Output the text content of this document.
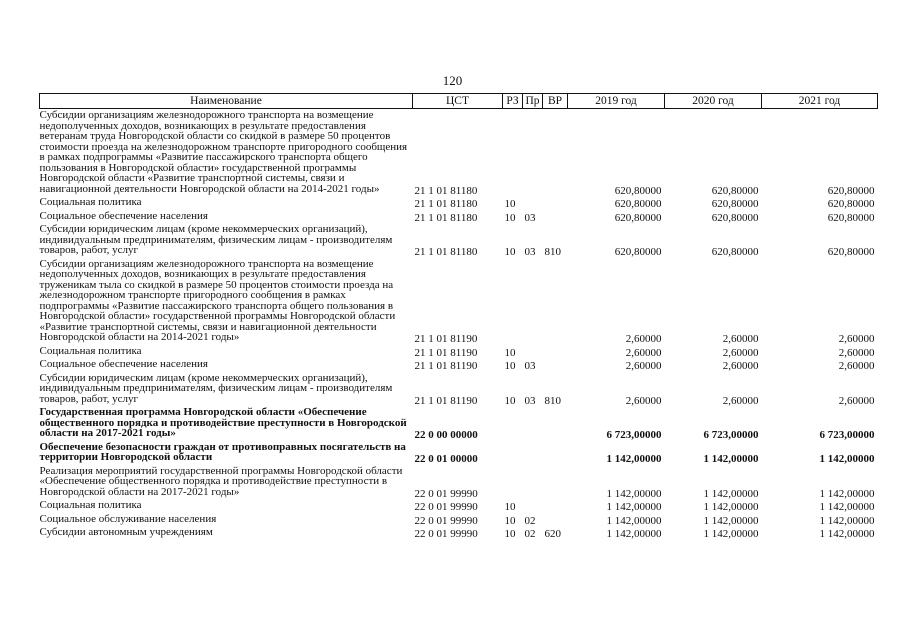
120
Наименование	ЦСТ	РЗ	Пр	ВР	2019 год	2020 год	2021 год
Субсидии организациям железнодорожного транспорта на возмещение недополученных доходов, возникающих в результате предоставления ветеранам труда Новгородской области со скидкой в размере 50 процентов стоимости проезда на железнодорожном транспорте пригородного сообщения в рамках подпрограммы «Развитие пассажирского транспорта общего пользования в Новгородской области» государственной программы Новгородской области «Развитие транспортной системы, связи и навигационной деятельности Новгородской области на 2014-2021 годы»	21 1 01 81180				620,80000	620,80000	620,80000
Социальная политика	21 1 01 81180	10			620,80000	620,80000	620,80000
Социальное обеспечение населения	21 1 01 81180	10	03		620,80000	620,80000	620,80000
Субсидии юридическим лицам (кроме некоммерческих организаций), индивидуальным предпринимателям, физическим лицам - производителям товаров, работ, услуг	21 1 01 81180	10	03	810	620,80000	620,80000	620,80000
Субсидии организациям железнодорожного транспорта на возмещение недополученных доходов, возникающих в результате предоставления труженикам тыла со скидкой в размере 50 процентов стоимости проезда на железнодорожном транспорте пригородного сообщения в рамках подпрограммы «Развитие пассажирского транспорта общего пользования в Новгородской области» государственной программы Новгородской области «Развитие транспортной системы, связи и навигационной деятельности Новгородской области на 2014-2021 годы»	21 1 01 81190				2,60000	2,60000	2,60000
Социальная политика	21 1 01 81190	10			2,60000	2,60000	2,60000
Социальное обеспечение населения	21 1 01 81190	10	03		2,60000	2,60000	2,60000
Субсидии юридическим лицам (кроме некоммерческих организаций), индивидуальным предпринимателям, физическим лицам - производителям товаров, работ, услуг	21 1 01 81190	10	03	810	2,60000	2,60000	2,60000
Государственная программа Новгородской области «Обеспечение общественного порядка и противодействие преступности в Новгородской области на 2017-2021 годы»	22 0 00 00000				6 723,00000	6 723,00000	6 723,00000
Обеспечение безопасности граждан от противоправных посягательств на территории Новгородской области	22 0 01 00000				1 142,00000	1 142,00000	1 142,00000
Реализация мероприятий государственной программы Новгородской области «Обеспечение общественного порядка и противодействие преступности в Новгородской области на 2017-2021 годы»	22 0 01 99990				1 142,00000	1 142,00000	1 142,00000
Социальная политика	22 0 01 99990	10			1 142,00000	1 142,00000	1 142,00000
Социальное обслуживание населения	22 0 01 99990	10	02		1 142,00000	1 142,00000	1 142,00000
Субсидии автономным учреждениям	22 0 01 99990	10	02	620	1 142,00000	1 142,00000	1 142,00000
